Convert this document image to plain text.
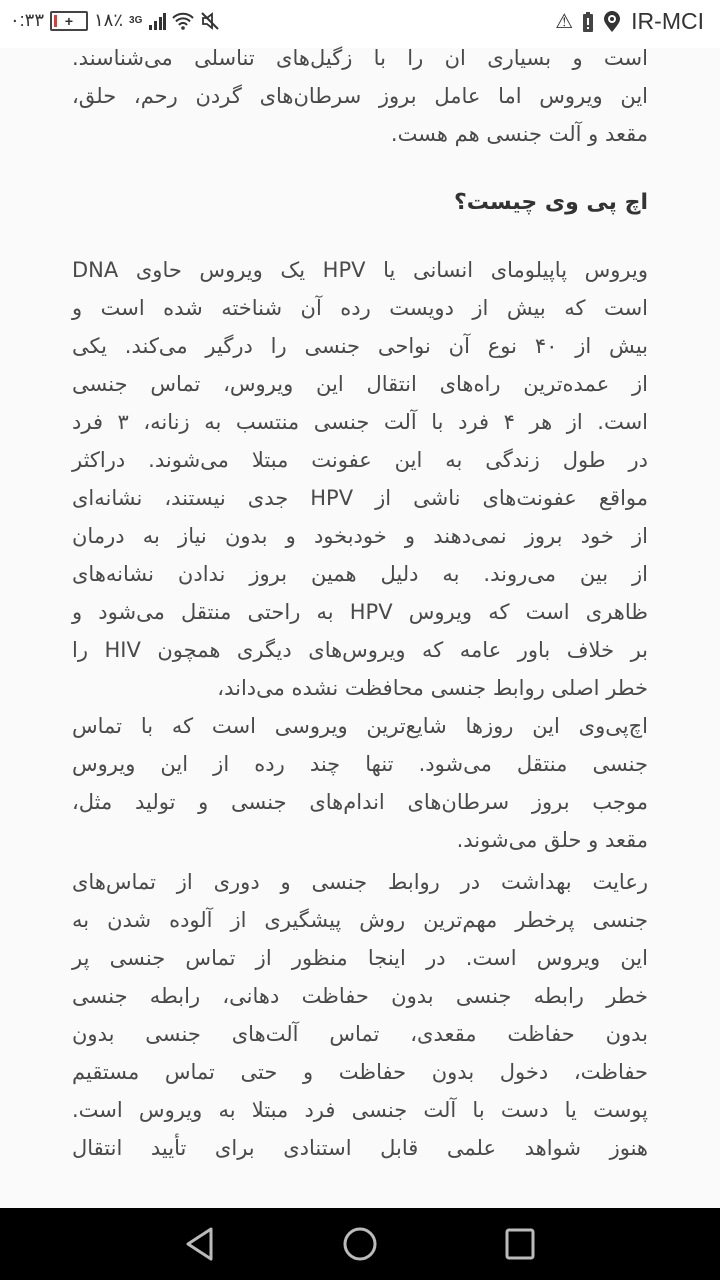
۰:۳۳	+	۱۸٪ 3G	⚠	IR-MCI
است و بسیاری ان را با زگیل‌های تناسلی می‌شناسند.
این ویروس اما عامل بروز سرطان‌های گردن رحم، حلق،
مقعد و آلت جنسی هم هست.
اچ پی وی چیست؟
ویروس پاپیلومای انسانی یا HPV یک ویروس حاوی DNA
است که بیش از دویست رده آن شناخته شده است و
بیش از ۴۰ نوع آن نواحی جنسی را درگیر می‌کند. یکی
از عمده‌ترین راه‌های انتقال این ویروس، تماس جنسی
است. از هر ۴ فرد با آلت جنسی منتسب به زنانه، ۳ فرد
در طول زندگی به این عفونت مبتلا می‌شوند. دراکثر
مواقع عفونت‌های ناشی از HPV جدی نیستند، نشانه‌ای
از خود بروز نمی‌دهند و خودبخود و بدون نیاز به درمان
از بین می‌روند. به دلیل همین بروز ندادن نشانه‌های
ظاهری است که ویروس HPV به راحتی منتقل می‌شود و
بر خلاف باور عامه که ویروس‌های دیگری همچون HIV را
خطر اصلی روابط جنسی محافظت نشده می‌داند،
اچ‌پی‌وی این روزها شایع‌ترین ویروسی است که با تماس
جنسی منتقل می‌شود. تنها چند رده از این ویروس
موجب بروز سرطان‌های اندام‌های جنسی و تولید مثل،
مقعد و حلق می‌شوند.
رعایت بهداشت در روابط جنسی و دوری از تماس‌های
جنسی پرخطر مهم‌ترین روش پیشگیری از آلوده شدن به
این ویروس است. در اینجا منظور از تماس جنسی پر
خطر رابطه جنسی بدون حفاظت دهانی، رابطه جنسی
بدون حفاظت مقعدی، تماس آلت‌های جنسی بدون
حفاظت، دخول بدون حفاظت و حتی تماس مستقیم
پوست یا دست با آلت جنسی فرد مبتلا به ویروس است.
هنوز شواهد علمی قابل استنادی برای تأیید انتقال
